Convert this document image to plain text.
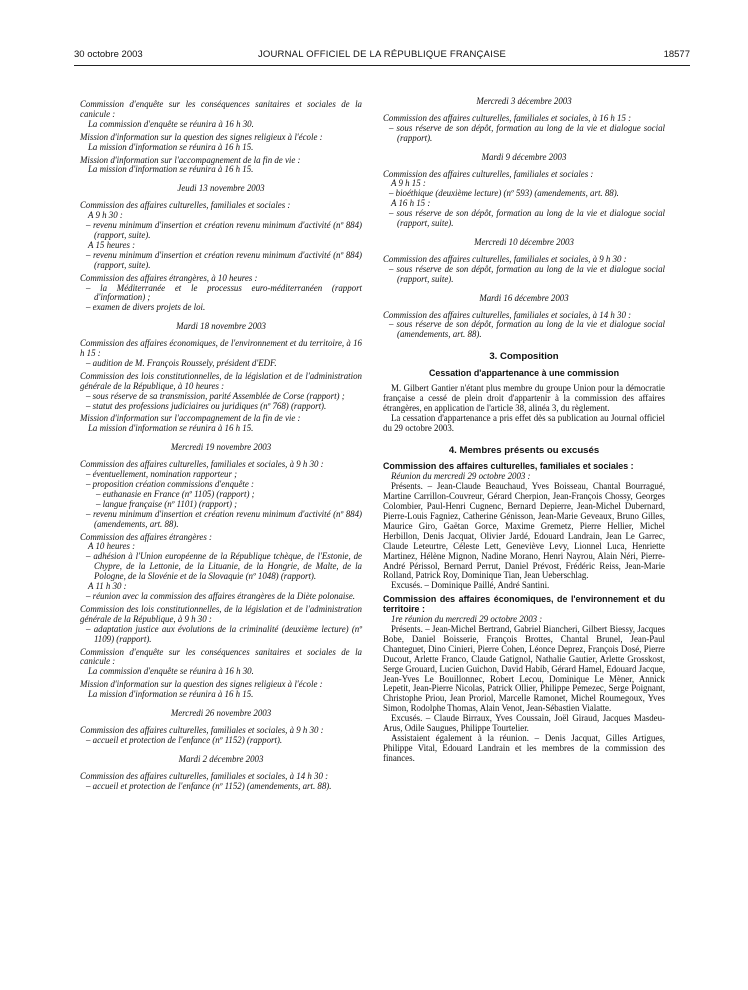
30 octobre 2003	JOURNAL OFFICIEL DE LA RÉPUBLIQUE FRANÇAISE	18577
Commission d'enquête sur les conséquences sanitaires et sociales de la canicule :
La commission d'enquête se réunira à 16 h 30.
Mission d'information sur la question des signes religieux à l'école :
La mission d'information se réunira à 16 h 15.
Mission d'information sur l'accompagnement de la fin de vie :
La mission d'information se réunira à 16 h 15.
Jeudi 13 novembre 2003
Commission des affaires culturelles, familiales et sociales :
A 9 h 30 :
– revenu minimum d'insertion et création revenu minimum d'activité (nº 884) (rapport, suite).
A 15 heures :
– revenu minimum d'insertion et création revenu minimum d'activité (nº 884) (rapport, suite).
Commission des affaires étrangères, à 10 heures :
– la Méditerranée et le processus euro-méditerranéen (rapport d'information) ;
– examen de divers projets de loi.
Mardi 18 novembre 2003
Commission des affaires économiques, de l'environnement et du territoire, à 16 h 15 :
– audition de M. François Roussely, président d'EDF.
Commission des lois constitutionnelles, de la législation et de l'administration générale de la République, à 10 heures :
– sous réserve de sa transmission, parité Assemblée de Corse (rapport) ;
– statut des professions judiciaires ou juridiques (nº 768) (rapport).
Mission d'information sur l'accompagnement de la fin de vie :
La mission d'information se réunira à 16 h 15.
Mercredi 19 novembre 2003
Commission des affaires culturelles, familiales et sociales, à 9 h 30 :
– éventuellement, nomination rapporteur ;
– proposition création commissions d'enquête :
– euthanasie en France (nº 1105) (rapport) ;
– langue française (nº 1101) (rapport) ;
– revenu minimum d'insertion et création revenu minimum d'activité (nº 884) (amendements, art. 88).
Commission des affaires étrangères :
A 10 heures :
– adhésion à l'Union européenne de la République tchèque, de l'Estonie, de Chypre, de la Lettonie, de la Lituanie, de la Hongrie, de Malte, de la Pologne, de la Slovénie et de la Slovaquie (nº 1048) (rapport).
A 11 h 30 :
– réunion avec la commission des affaires étrangères de la Diète polonaise.
Commission des lois constitutionnelles, de la législation et de l'administration générale de la République, à 9 h 30 :
– adaptation justice aux évolutions de la criminalité (deuxième lecture) (nº 1109) (rapport).
Commission d'enquête sur les conséquences sanitaires et sociales de la canicule :
La commission d'enquête se réunira à 16 h 30.
Mission d'information sur la question des signes religieux à l'école :
La mission d'information se réunira à 16 h 15.
Mercredi 26 novembre 2003
Commission des affaires culturelles, familiales et sociales, à 9 h 30 :
– accueil et protection de l'enfance (nº 1152) (rapport).
Mardi 2 décembre 2003
Commission des affaires culturelles, familiales et sociales, à 14 h 30 :
– accueil et protection de l'enfance (nº 1152) (amendements, art. 88).
Mercredi 3 décembre 2003
Commission des affaires culturelles, familiales et sociales, à 16 h 15 :
– sous réserve de son dépôt, formation au long de la vie et dialogue social (rapport).
Mardi 9 décembre 2003
Commission des affaires culturelles, familiales et sociales :
A 9 h 15 :
– bioéthique (deuxième lecture) (nº 593) (amendements, art. 88).
A 16 h 15 :
– sous réserve de son dépôt, formation au long de la vie et dialogue social (rapport, suite).
Mercredi 10 décembre 2003
Commission des affaires culturelles, familiales et sociales, à 9 h 30 :
– sous réserve de son dépôt, formation au long de la vie et dialogue social (rapport, suite).
Mardi 16 décembre 2003
Commission des affaires culturelles, familiales et sociales, à 14 h 30 :
– sous réserve de son dépôt, formation au long de la vie et dialogue social (amendements, art. 88).
3. Composition
Cessation d'appartenance à une commission
M. Gilbert Gantier n'étant plus membre du groupe Union pour la démocratie française a cessé de plein droit d'appartenir à la commission des affaires étrangères, en application de l'article 38, alinéa 3, du règlement.
La cessation d'appartenance a pris effet dès sa publication au Journal officiel du 29 octobre 2003.
4. Membres présents ou excusés
Commission des affaires culturelles, familiales et sociales :
Réunion du mercredi 29 octobre 2003 :
Présents. – Jean-Claude Beauchaud, Yves Boisseau, Chantal Bourragué, Martine Carrillon-Couvreur, Gérard Cherpion, Jean-François Chossy, Georges Colombier, Paul-Henri Cugnenc, Bernard Depierre, Jean-Michel Dubernard, Pierre-Louis Fagniez, Catherine Génisson, Jean-Marie Geveaux, Bruno Gilles, Maurice Giro, Gaëtan Gorce, Maxime Gremetz, Pierre Hellier, Michel Herbillon, Denis Jacquat, Olivier Jardé, Edouard Landrain, Jean Le Garrec, Claude Leteurtre, Céleste Lett, Geneviève Levy, Lionnel Luca, Henriette Martinez, Hélène Mignon, Nadine Morano, Henri Nayrou, Alain Néri, Pierre-André Périssol, Bernard Perrut, Daniel Prévost, Frédéric Reiss, Jean-Marie Rolland, Patrick Roy, Dominique Tian, Jean Ueberschlag.
Excusés. – Dominique Paillé, André Santini.
Commission des affaires économiques, de l'environnement et du territoire :
1re réunion du mercredi 29 octobre 2003 :
Présents. – Jean-Michel Bertrand, Gabriel Biancheri, Gilbert Biessy, Jacques Bobe, Daniel Boisserie, François Brottes, Chantal Brunel, Jean-Paul Chanteguet, Dino Cinieri, Pierre Cohen, Léonce Deprez, François Dosé, Pierre Ducout, Arlette Franco, Claude Gatignol, Nathalie Gautier, Arlette Grosskost, Serge Grouard, Lucien Guichon, David Habib, Gérard Hamel, Edouard Jacque, Jean-Yves Le Bouillonnec, Robert Lecou, Dominique Le Mèner, Annick Lepetit, Jean-Pierre Nicolas, Patrick Ollier, Philippe Pemezec, Serge Poignant, Christophe Priou, Jean Proriol, Marcelle Ramonet, Michel Roumegoux, Yves Simon, Rodolphe Thomas, Alain Venot, Jean-Sébastien Vialatte.
Excusés. – Claude Birraux, Yves Coussain, Joël Giraud, Jacques Masdeu-Arus, Odile Saugues, Philippe Tourtelier.
Assistaient également à la réunion. – Denis Jacquat, Gilles Artigues, Philippe Vital, Edouard Landrain et les membres de la commission des finances.
